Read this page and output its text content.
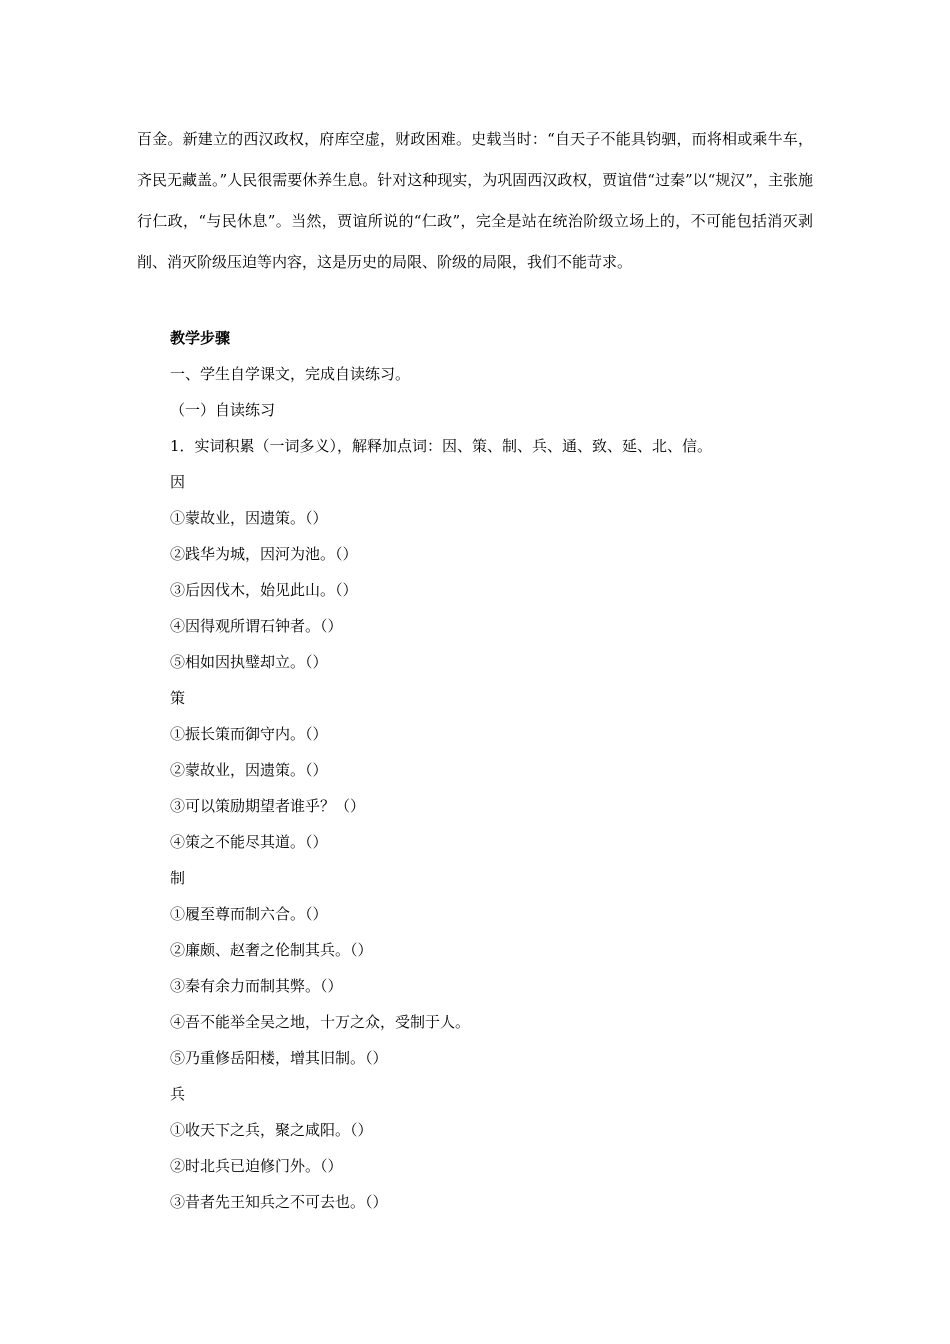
百金。新建立的西汉政权，府库空虚，财政困难。史载当时：“自天子不能具钧驷，而将相或乘牛车，齐民无藏盖。”人民很需要休养生息。针对这种现实，为巩固西汉政权，贾谊借“过秦”以“规汉”，主张施行仁政，“与民休息”。当然，贾谊所说的“仁政”，完全是站在统治阶级立场上的，不可能包括消灭剥削、消灭阶级压迫等内容，这是历史的局限、阶级的局限，我们不能苛求。

教学步骤

一、学生自学课文，完成自读练习。

（一）自读练习

1．实词积累（一词多义），解释加点词：因、策、制、兵、通、致、延、北、信。

因

①蒙故业，因遗策。（）

②践华为城，因河为池。（）

③后因伐木，始见此山。（）

④因得观所谓石钟者。（）

⑤相如因执璧却立。（）

策

①振长策而御守内。（）

②蒙故业，因遗策。（）

③可以策励期望者谁乎？（）

④策之不能尽其道。（）

制

①履至尊而制六合。（）

②廉颇、赵奢之伦制其兵。（）

③秦有余力而制其弊。（）

④吾不能举全吴之地，十万之众，受制于人。

⑤乃重修岳阳楼，增其旧制。（）

兵

①收天下之兵，聚之咸阳。（）

②时北兵已迫修门外。（）

③昔者先王知兵之不可去也。（）
